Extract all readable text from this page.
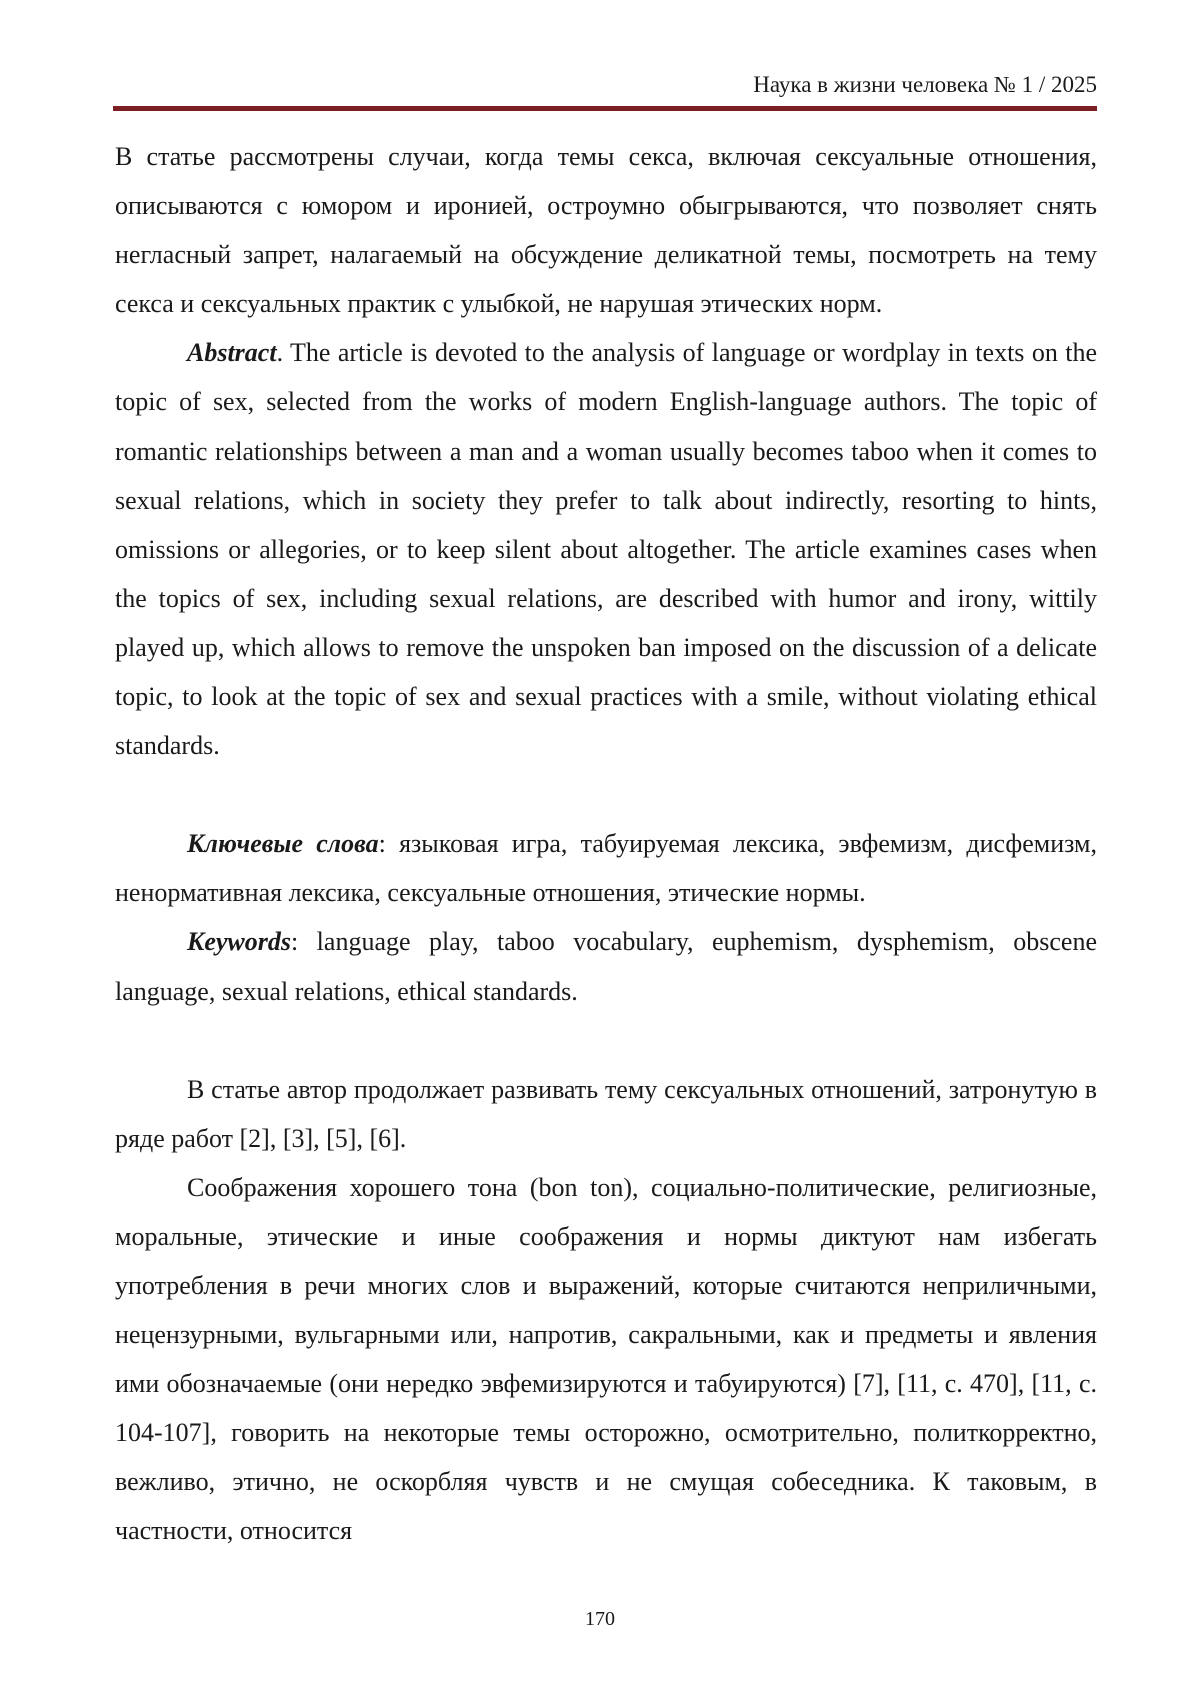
Наука в жизни человека № 1 / 2025

В статье рассмотрены случаи, когда темы секса, включая сексуальные отношения, описываются с юмором и иронией, остроумно обыгрываются, что позволяет снять негласный запрет, налагаемый на обсуждение деликатной темы, посмотреть на тему секса и сексуальных практик с улыбкой, не нарушая этических норм.

Abstract. The article is devoted to the analysis of language or wordplay in texts on the topic of sex, selected from the works of modern English-language authors. The topic of romantic relationships between a man and a woman usually becomes taboo when it comes to sexual relations, which in society they prefer to talk about indirectly, resorting to hints, omissions or allegories, or to keep silent about altogether. The article examines cases when the topics of sex, including sexual relations, are described with humor and irony, wittily played up, which allows to remove the unspoken ban imposed on the discussion of a delicate topic, to look at the topic of sex and sexual practices with a smile, without violating ethical standards.

Ключевые слова: языковая игра, табуируемая лексика, эвфемизм, дисфемизм, ненормативная лексика, сексуальные отношения, этические нормы.

Keywords: language play, taboo vocabulary, euphemism, dysphemism, obscene language, sexual relations, ethical standards.

В статье автор продолжает развивать тему сексуальных отношений, затронутую в ряде работ [2], [3], [5], [6].

Соображения хорошего тона (bon ton), социально-политические, религиозные, моральные, этические и иные соображения и нормы диктуют нам избегать употребления в речи многих слов и выражений, которые считаются неприличными, нецензурными, вульгарными или, напротив, сакральными, как и предметы и явления ими обозначаемые (они нередко эвфемизируются и табуируются) [7], [11, с. 470], [11, с. 104-107], говорить на некоторые темы осторожно, осмотрительно, политкорректно, вежливо, этично, не оскорбляя чувств и не смущая собеседника. К таковым, в частности, относится

170
